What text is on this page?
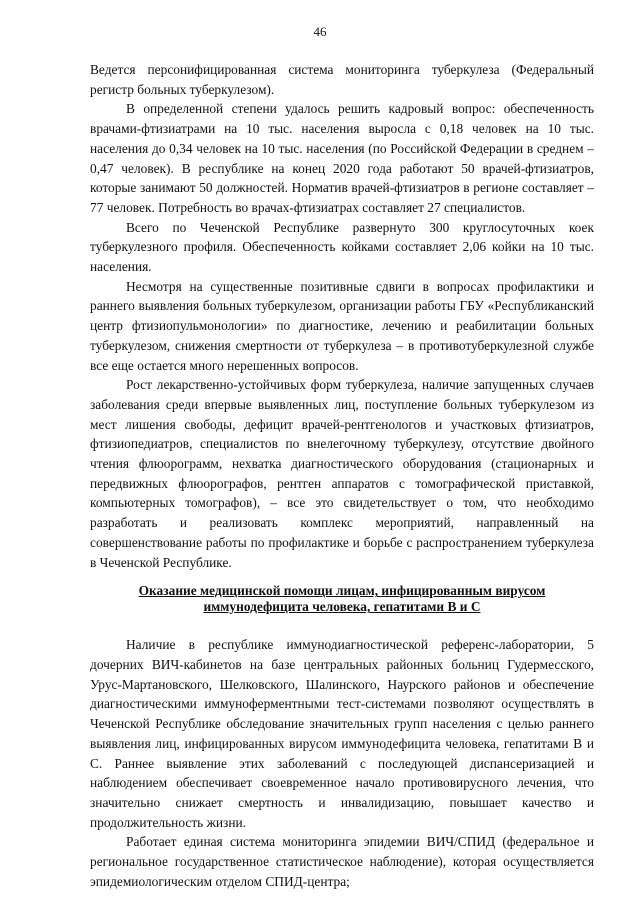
46

Ведется персонифицированная система мониторинга туберкулеза (Федеральный регистр больных туберкулезом).

В определенной степени удалось решить кадровый вопрос: обеспеченность врачами-фтизиатрами на 10 тыс. населения выросла с 0,18 человек на 10 тыс. населения до 0,34 человек на 10 тыс. населения (по Российской Федерации в среднем – 0,47 человек). В республике на конец 2020 года работают 50 врачей-фтизиатров, которые занимают 50 должностей. Норматив врачей-фтизиатров в регионе составляет – 77 человек. Потребность во врачах-фтизиатрах составляет 27 специалистов.

Всего по Чеченской Республике развернуто 300 круглосуточных коек туберкулезного профиля. Обеспеченность койками составляет 2,06 койки на 10 тыс. населения.

Несмотря на существенные позитивные сдвиги в вопросах профилактики и раннего выявления больных туберкулезом, организации работы ГБУ «Республиканский центр фтизиопульмонологии» по диагностике, лечению и реабилитации больных туберкулезом, снижения смертности от туберкулеза – в противотуберкулезной службе все еще остается много нерешенных вопросов.

Рост лекарственно-устойчивых форм туберкулеза, наличие запущенных случаев заболевания среди впервые выявленных лиц, поступление больных туберкулезом из мест лишения свободы, дефицит врачей-рентгенологов и участковых фтизиатров, фтизиопедиатров, специалистов по внелегочному туберкулезу, отсутствие двойного чтения флюорограмм, нехватка диагностического оборудования (стационарных и передвижных флюорографов, рентген аппаратов с томографической приставкой, компьютерных томографов), – все это свидетельствует о том, что необходимо разработать и реализовать комплекс мероприятий, направленный на совершенствование работы по профилактике и борьбе с распространением туберкулеза в Чеченской Республике.

Оказание медицинской помощи лицам, инфицированным вирусом иммунодефицита человека, гепатитами В и С

Наличие в республике иммунодиагностической референс-лаборатории, 5 дочерних ВИЧ-кабинетов на базе центральных районных больниц Гудермесского, Урус-Мартановского, Шелковского, Шалинского, Наурского районов и обеспечение диагностическими иммуноферментными тест-системами позволяют осуществлять в Чеченской Республике обследование значительных групп населения с целью раннего выявления лиц, инфицированных вирусом иммунодефицита человека, гепатитами В и С. Раннее выявление этих заболеваний с последующей диспансеризацией и наблюдением обеспечивает своевременное начало противовирусного лечения, что значительно снижает смертность и инвалидизацию, повышает качество и продолжительность жизни.

Работает единая система мониторинга эпидемии ВИЧ/СПИД (федеральное и региональное государственное статистическое наблюдение), которая осуществляется эпидемиологическим отделом СПИД-центра;
